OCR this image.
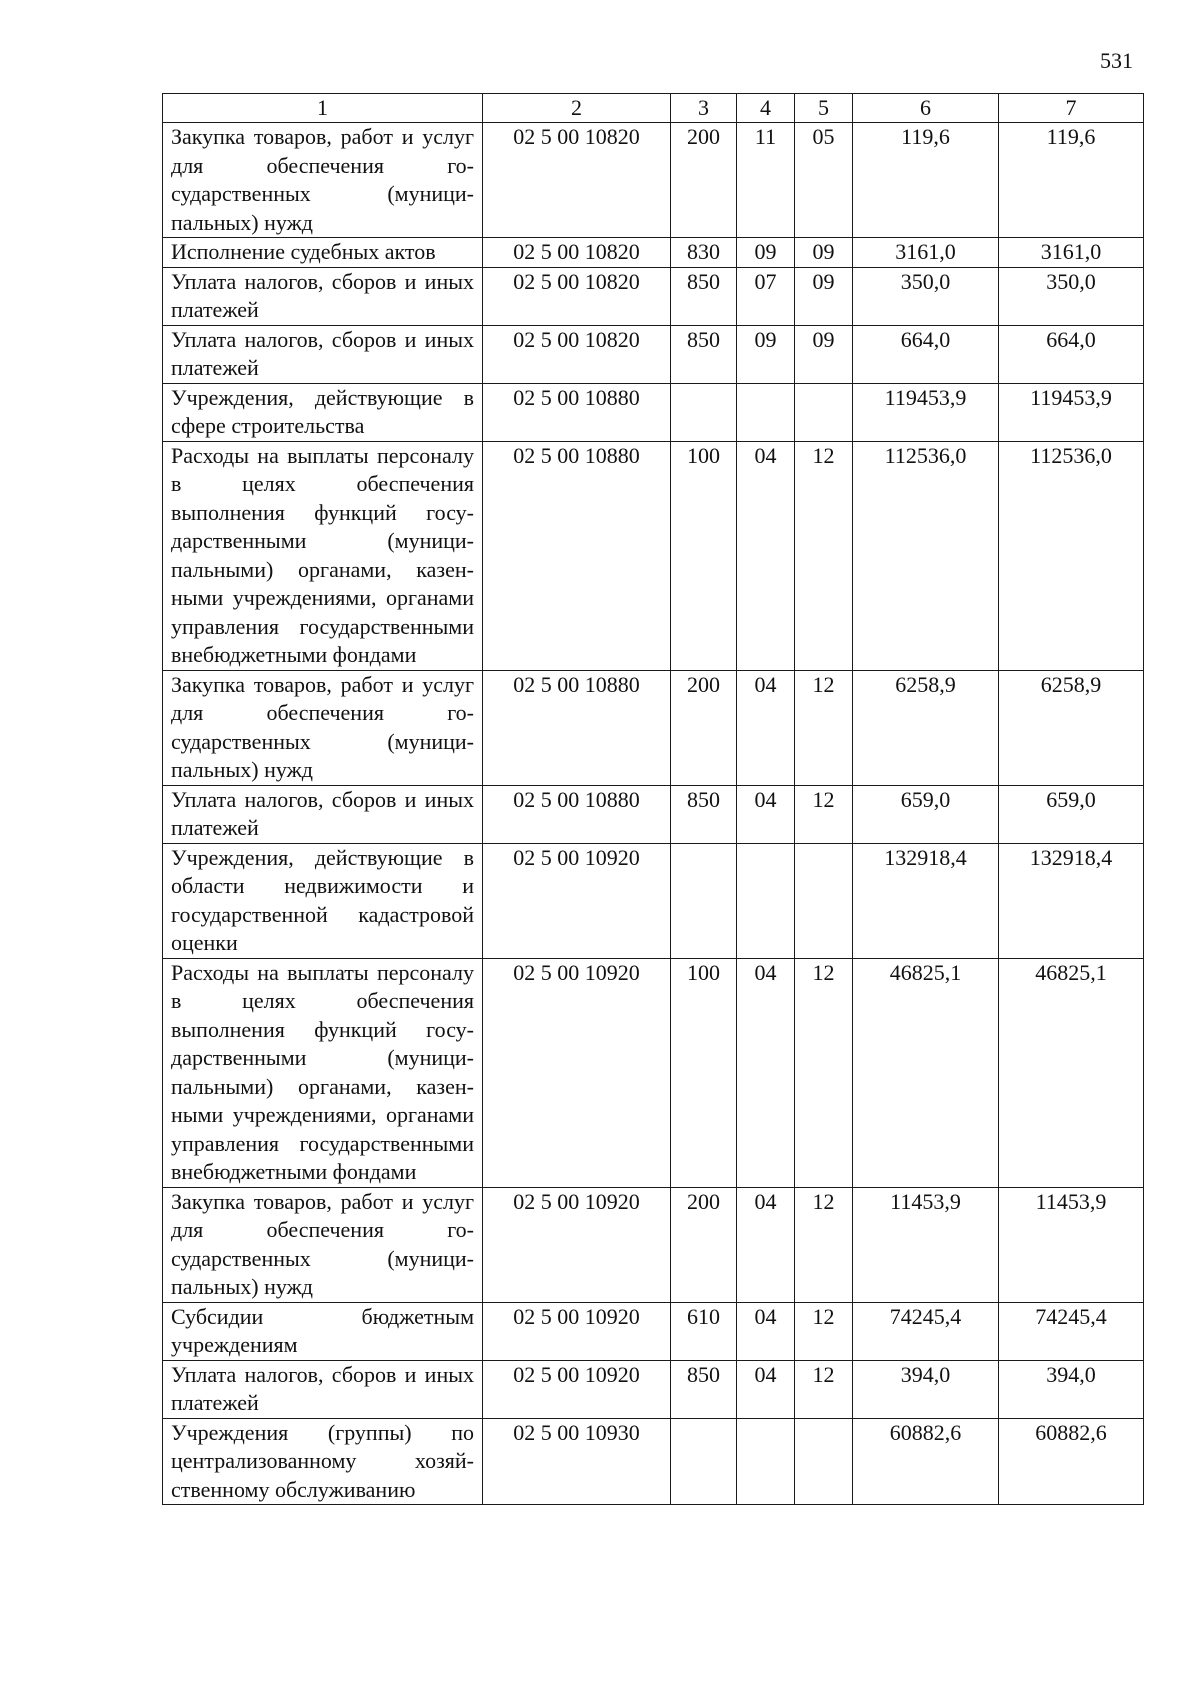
531
1	2	3	4	5	6	7
Закупка товаров, работ и услуг для обеспечения государственных (муниципальных) нужд	02 5 00 10820	200	11	05	119,6	119,6
Исполнение судебных актов	02 5 00 10820	830	09	09	3161,0	3161,0
Уплата налогов, сборов и иных платежей	02 5 00 10820	850	07	09	350,0	350,0
Уплата налогов, сборов и иных платежей	02 5 00 10820	850	09	09	664,0	664,0
Учреждения, действующие в сфере строительства	02 5 00 10880				119453,9	119453,9
Расходы на выплаты персоналу в целях обеспечения выполнения функций государственными (муниципальными) органами, казенными учреждениями, органами управления государственными внебюджетными фондами	02 5 00 10880	100	04	12	112536,0	112536,0
Закупка товаров, работ и услуг для обеспечения государственных (муниципальных) нужд	02 5 00 10880	200	04	12	6258,9	6258,9
Уплата налогов, сборов и иных платежей	02 5 00 10880	850	04	12	659,0	659,0
Учреждения, действующие в области недвижимости и государственной кадастровой оценки	02 5 00 10920				132918,4	132918,4
Расходы на выплаты персоналу в целях обеспечения выполнения функций государственными (муниципальными) органами, казенными учреждениями, органами управления государственными внебюджетными фондами	02 5 00 10920	100	04	12	46825,1	46825,1
Закупка товаров, работ и услуг для обеспечения государственных (муниципальных) нужд	02 5 00 10920	200	04	12	11453,9	11453,9
Субсидии бюджетным учреждениям	02 5 00 10920	610	04	12	74245,4	74245,4
Уплата налогов, сборов и иных платежей	02 5 00 10920	850	04	12	394,0	394,0
Учреждения (группы) по централизованному хозяйственному обслуживанию	02 5 00 10930				60882,6	60882,6
